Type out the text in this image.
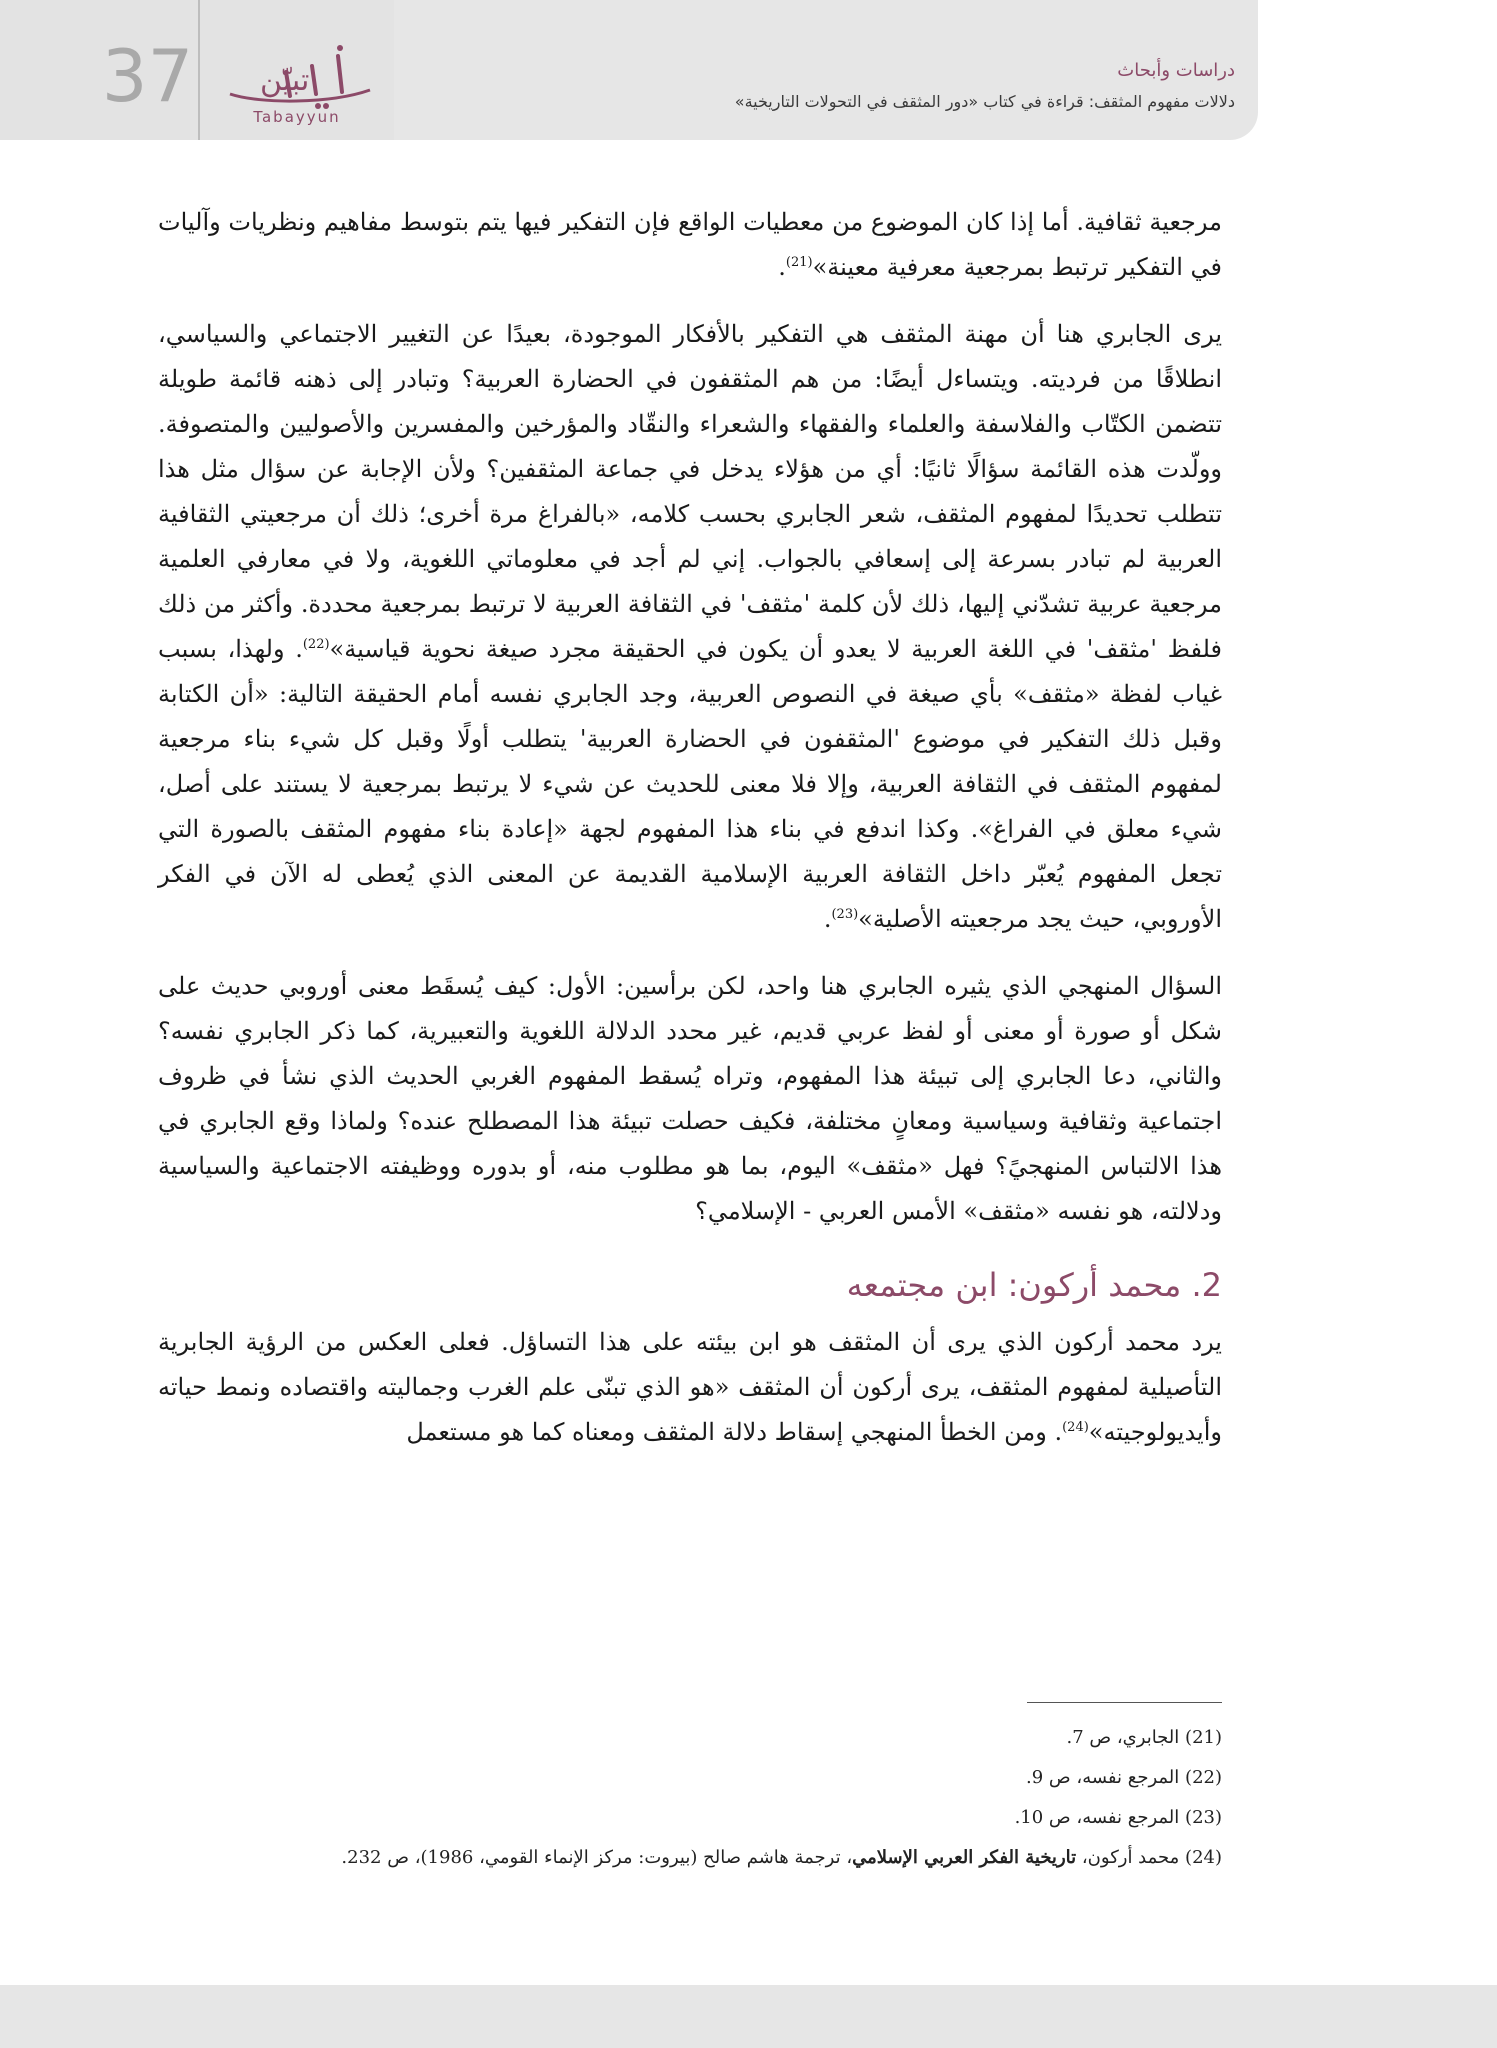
37 تبيّن
Tabayyun
دراسات وأبحاث
دلالات مفهوم المثقف: قراءة في كتاب «دور المثقف في التحولات التاريخية»

مرجعية ثقافية. أما إذا كان الموضوع من معطيات الواقع فإن التفكير فيها يتم بتوسط مفاهيم ونظريات وآليات في التفكير ترتبط بمرجعية معرفية معينة»$^{(21)}$.

يرى الجابري هنا أن مهنة المثقف هي التفكير بالأفكار الموجودة، بعيدًا عن التغيير الاجتماعي والسياسي، انطلاقًا من فرديته. ويتساءل أيضًا: من هم المثقفون في الحضارة العربية؟ وتبادر إلى ذهنه قائمة طويلة تتضمن الكتّاب والفلاسفة والعلماء والفقهاء والشعراء والنقّاد والمؤرخين والمفسرين والأصوليين والمتصوفة. وولّدت هذه القائمة سؤالًا ثانيًا: أي من هؤلاء يدخل في جماعة المثقفين؟ ولأن الإجابة عن سؤال مثل هذا تتطلب تحديدًا لمفهوم المثقف، شعر الجابري بحسب كلامه، «بالفراغ مرة أخرى؛ ذلك أن مرجعيتي الثقافية العربية لم تبادر بسرعة إلى إسعافي بالجواب. إني لم أجد في معلوماتي اللغوية، ولا في معارفي العلمية مرجعية عربية تشدّني إليها، ذلك لأن كلمة 'مثقف' في الثقافة العربية لا ترتبط بمرجعية محددة. وأكثر من ذلك فلفظ 'مثقف' في اللغة العربية لا يعدو أن يكون في الحقيقة مجرد صيغة نحوية قياسية»$^{(22)}$. ولهذا، بسبب غياب لفظة «مثقف» بأي صيغة في النصوص العربية، وجد الجابري نفسه أمام الحقيقة التالية: «أن الكتابة وقبل ذلك التفكير في موضوع 'المثقفون في الحضارة العربية' يتطلب أولًا وقبل كل شيء بناء مرجعية لمفهوم المثقف في الثقافة العربية، وإلا فلا معنى للحديث عن شيء لا يرتبط بمرجعية لا يستند على أصل، شيء معلق في الفراغ». وكذا اندفع في بناء هذا المفهوم لجهة «إعادة بناء مفهوم المثقف بالصورة التي تجعل المفهوم يُعبّر داخل الثقافة العربية الإسلامية القديمة عن المعنى الذي يُعطى له الآن في الفكر الأوروبي، حيث يجد مرجعيته الأصلية»$^{(23)}$.

السؤال المنهجي الذي يثيره الجابري هنا واحد، لكن برأسين: الأول: كيف يُسقَط معنى أوروبي حديث على شكل أو صورة أو معنى أو لفظ عربي قديم، غير محدد الدلالة اللغوية والتعبيرية، كما ذكر الجابري نفسه؟ والثاني، دعا الجابري إلى تبيئة هذا المفهوم، وتراه يُسقط المفهوم الغربي الحديث الذي نشأ في ظروف اجتماعية وثقافية وسياسية ومعانٍ مختلفة، فكيف حصلت تبيئة هذا المصطلح عنده؟ ولماذا وقع الجابري في هذا الالتباس المنهجيً؟ فهل «مثقف» اليوم، بما هو مطلوب منه، أو بدوره ووظيفته الاجتماعية والسياسية ودلالته، هو نفسه «مثقف» الأمس العربي - الإسلامي؟

2. محمد أركون: ابن مجتمعه

يرد محمد أركون الذي يرى أن المثقف هو ابن بيئته على هذا التساؤل. فعلى العكس من الرؤية الجابرية التأصيلية لمفهوم المثقف، يرى أركون أن المثقف «هو الذي تبنّى علم الغرب وجماليته واقتصاده ونمط حياته وأيديولوجيته»$^{(24)}$. ومن الخطأ المنهجي إسقاط دلالة المثقف ومعناه كما هو مستعمل

(21) الجابري، ص 7.
(22) المرجع نفسه، ص 9.
(23) المرجع نفسه، ص 10.
(24) محمد أركون، تاريخية الفكر العربي الإسلامي، ترجمة هاشم صالح (بيروت: مركز الإنماء القومي، 1986)، ص 232.
